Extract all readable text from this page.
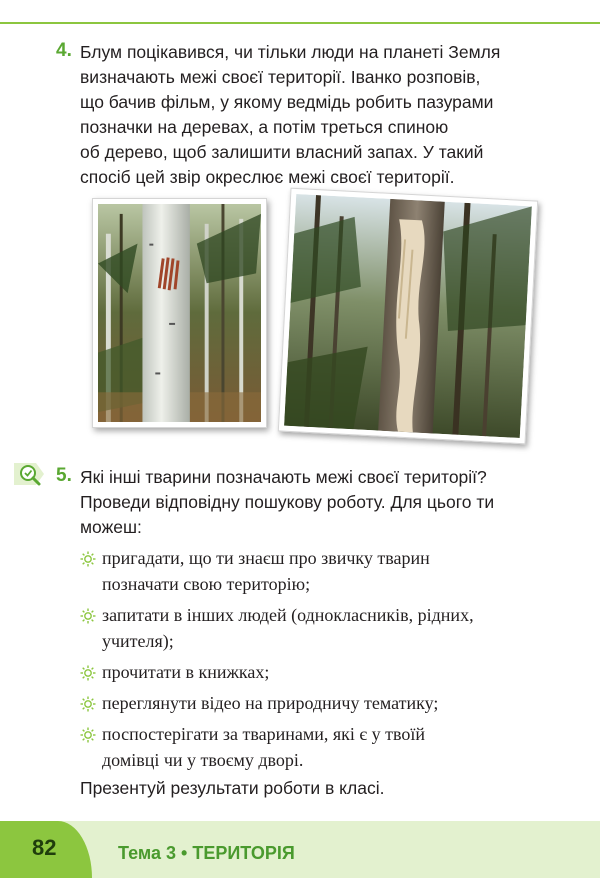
4. Блум поцікавився, чи тільки люди на планеті Земля
визначають межі своєї території. Іванко розповів,
що бачив фільм, у якому ведмідь робить пазурами
позначки на деревах, а потім треться спиною
об дерево, щоб залишити власний запах. У такий
спосіб цей звір окреслює межі своєї території.
5. Які інші тварини позначають межі своєї території?
Проведи відповідну пошукову роботу. Для цього ти
можеш:
пригадати, що ти знаєш про звичку тварин
позначати свою територію;
запитати в інших людей (однокласників, рідних,
учителя);
прочитати в книжках;
переглянути відео на природничу тематику;
поспостерігати за тваринами, які є у твоїй
домівці чи у твоєму дворі.
Презентуй результати роботи в класі.
82	Тема 3 • ТЕРИТОРІЯ
